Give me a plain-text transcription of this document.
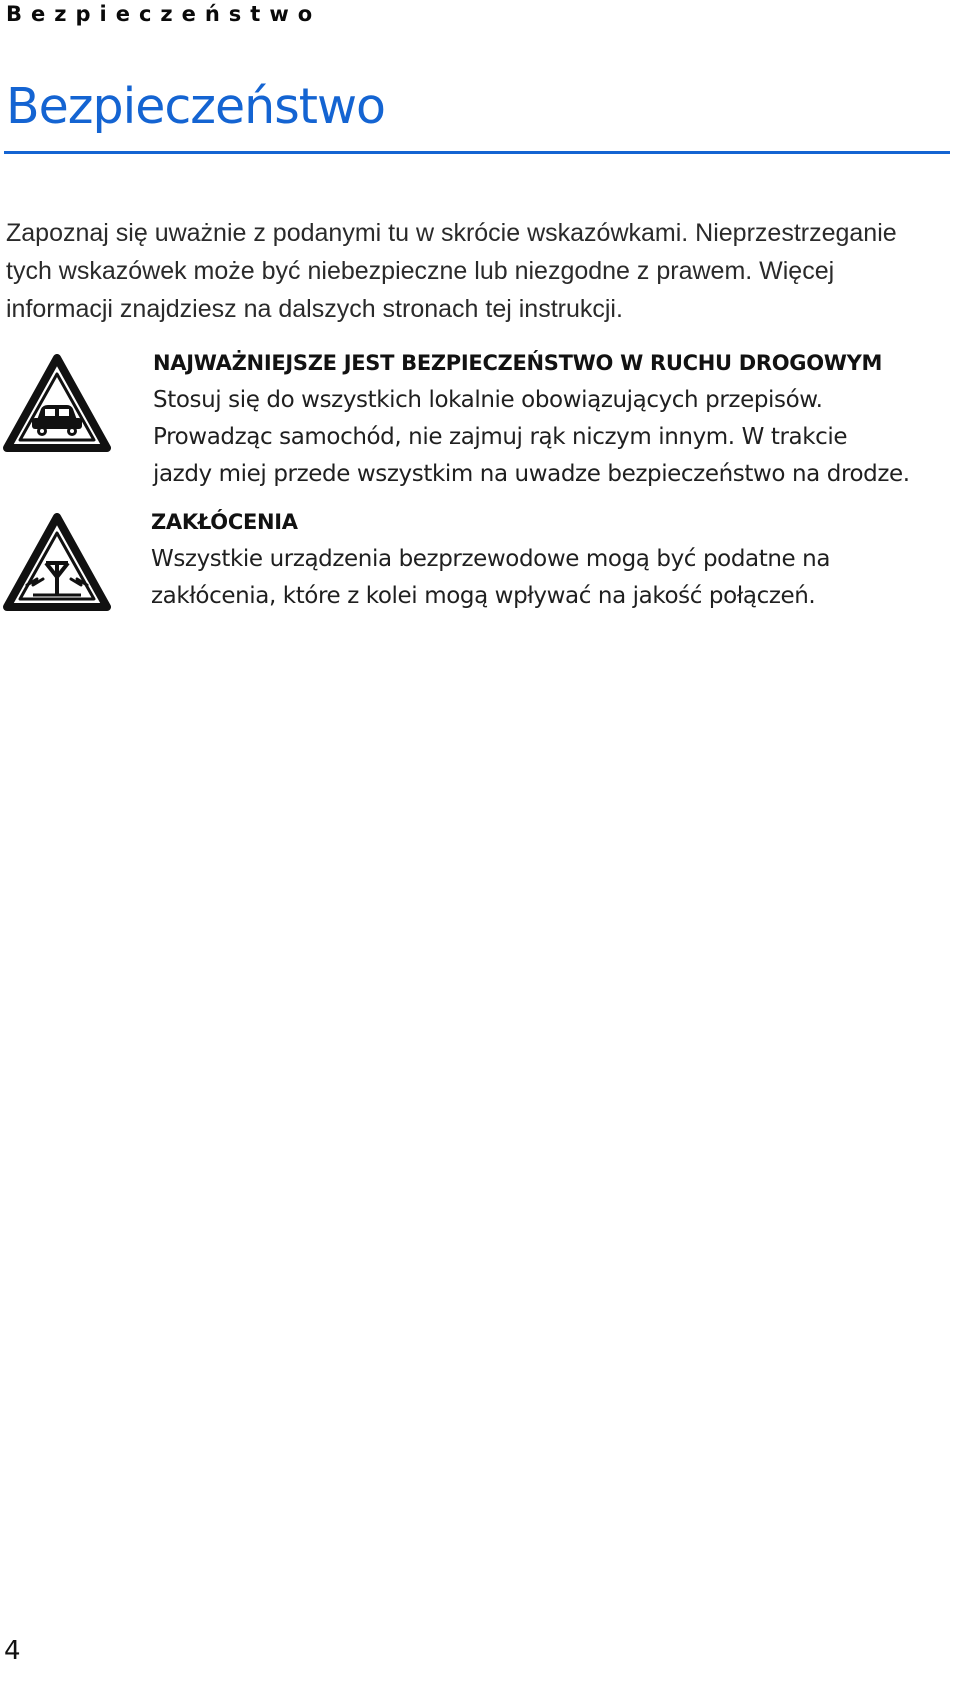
Bezpieczeństwo
Bezpieczeństwo

Zapoznaj się uważnie z podanymi tu w skrócie wskazówkami. Nieprzestrzeganie
tych wskazówek może być niebezpieczne lub niezgodne z prawem. Więcej
informacji znajdziesz na dalszych stronach tej instrukcji.

NAJWAŻNIEJSZE JEST BEZPIECZEŃSTWO W RUCHU DROGOWYM

Stosuj się do wszystkich lokalnie obowiązujących przepisów.
Prowadząc samochód, nie zajmuj rąk niczym innym. W trakcie
jazdy miej przede wszystkim na uwadze bezpieczeństwo na drodze.

ZAKŁÓCENIA

Wszystkie urządzenia bezprzewodowe mogą być podatne na
zakłócenia, które z kolei mogą wpływać na jakość połączeń.

4
